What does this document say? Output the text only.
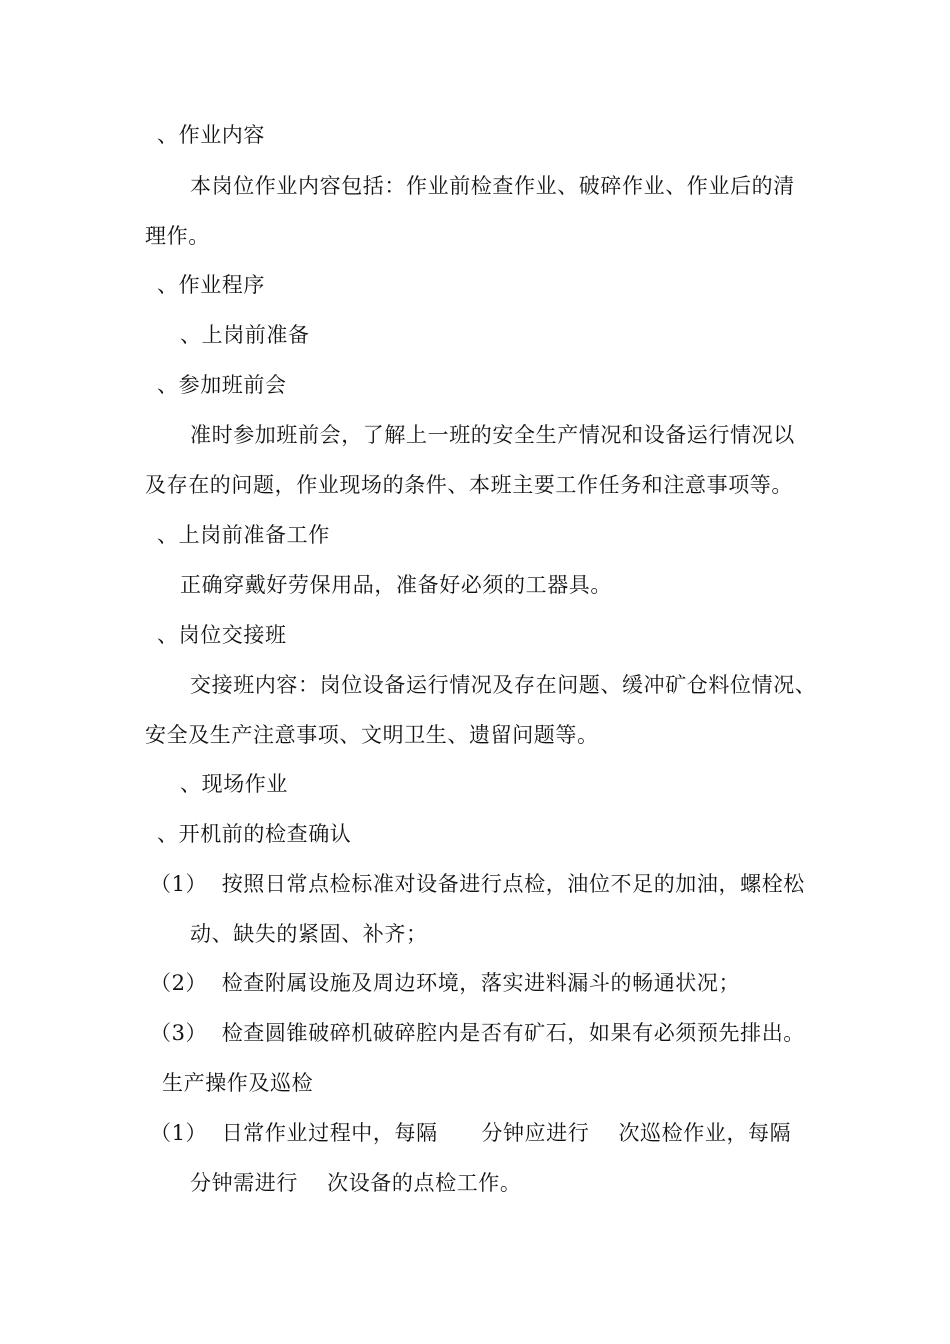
、作业内容
本岗位作业内容包括：作业前检查作业、破碎作业、作业后的清
理作。
、作业程序
、上岗前准备
、参加班前会
准时参加班前会，了解上一班的安全生产情况和设备运行情况以
及存在的问题，作业现场的条件、本班主要工作任务和注意事项等。
、上岗前准备工作
正确穿戴好劳保用品，准备好必须的工器具。
、岗位交接班
交接班内容：岗位设备运行情况及存在问题、缓冲矿仓料位情况、
安全及生产注意事项、文明卫生、遗留问题等。
、现场作业
、开机前的检查确认
（1）  按照日常点检标准对设备进行点检，油位不足的加油，螺栓松
动、缺失的紧固、补齐；
（2）  检查附属设施及周边环境，落实进料漏斗的畅通状况；
（3）  检查圆锥破碎机破碎腔内是否有矿石，如果有必须预先排出。
生产操作及巡检
（1）  日常作业过程中，每隔      分钟应进行    次巡检作业，每隔
分钟需进行    次设备的点检工作。
